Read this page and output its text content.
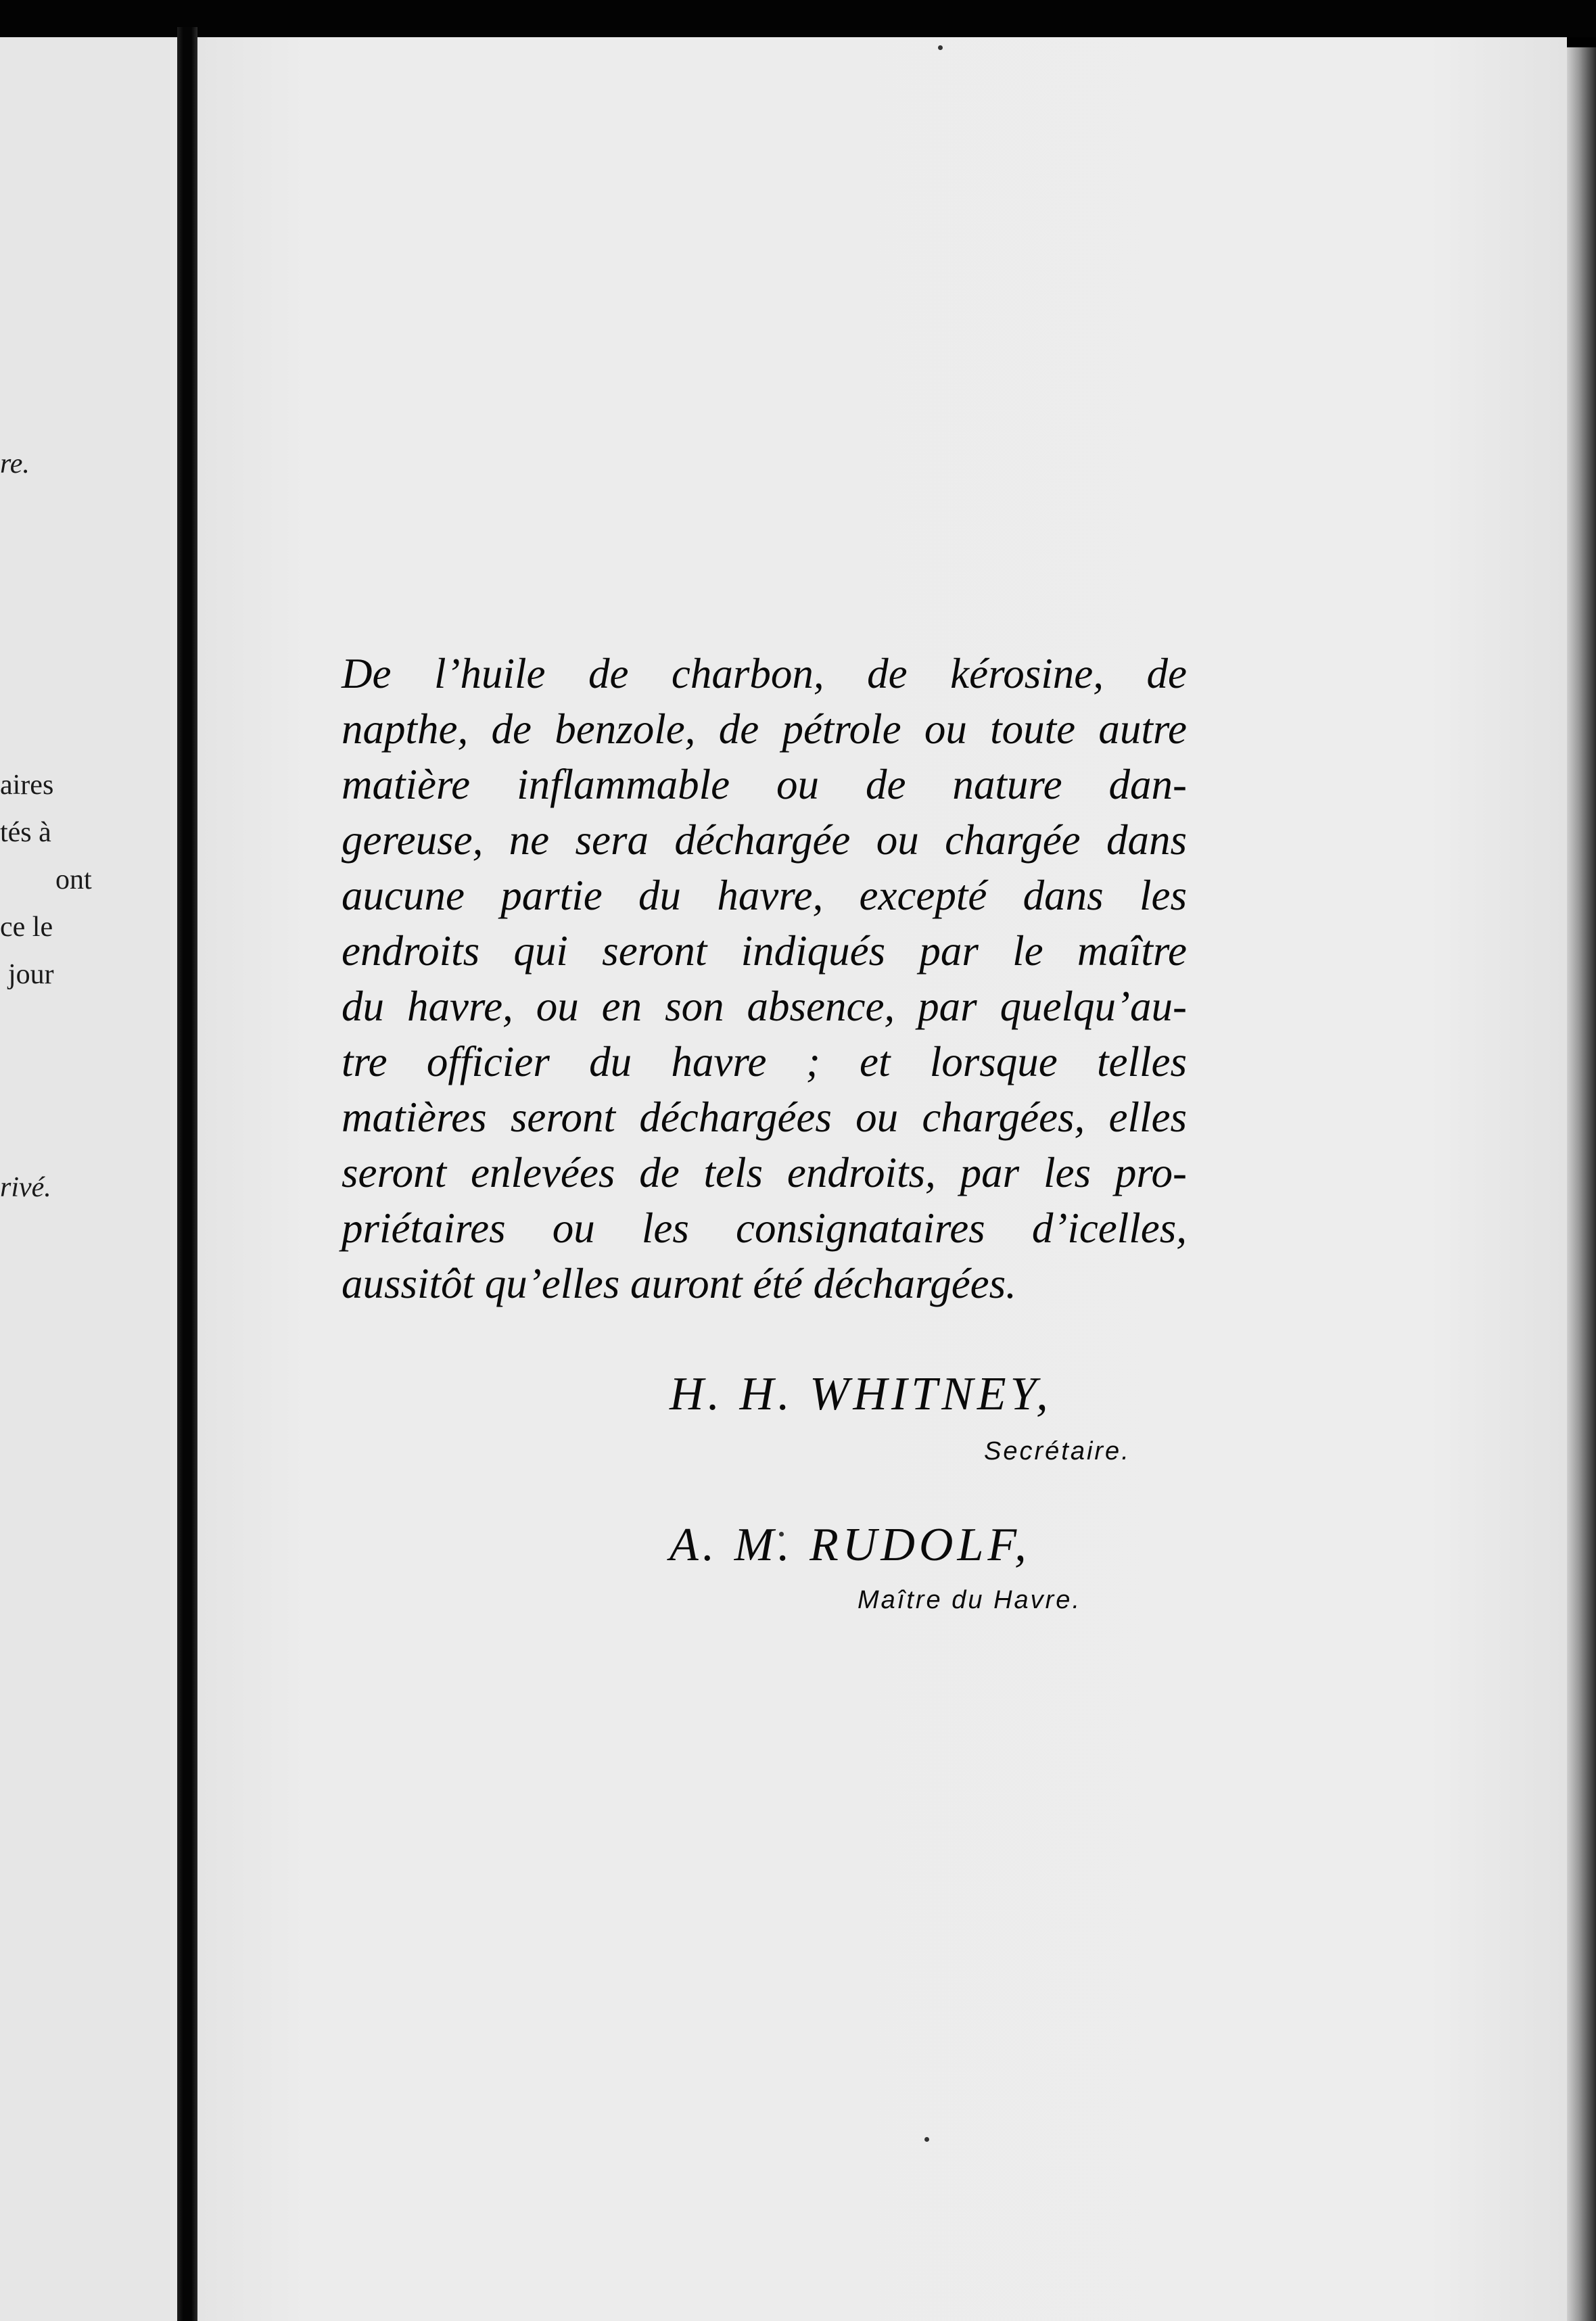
re.
aires
tés à
ont
ce le
jour
rivé.

De l’huile de charbon, de kérosine, de
napthe, de benzole, de pétrole ou toute autre
matière inflammable ou de nature dan-
gereuse, ne sera déchargée ou chargée dans
aucune partie du havre, excepté dans les
endroits qui seront indiqués par le maître
du havre, ou en son absence, par quelqu’au-
tre officier du havre ; et lorsque telles
matières seront déchargées ou chargées, elles
seront enlevées de tels endroits, par les pro-
priétaires ou les consignataires d’icelles,
aussitôt qu’elles auront été déchargées.

H. H. WHITNEY,
Secrétaire.
A. M. RUDOLF,
Maître du Havre.
